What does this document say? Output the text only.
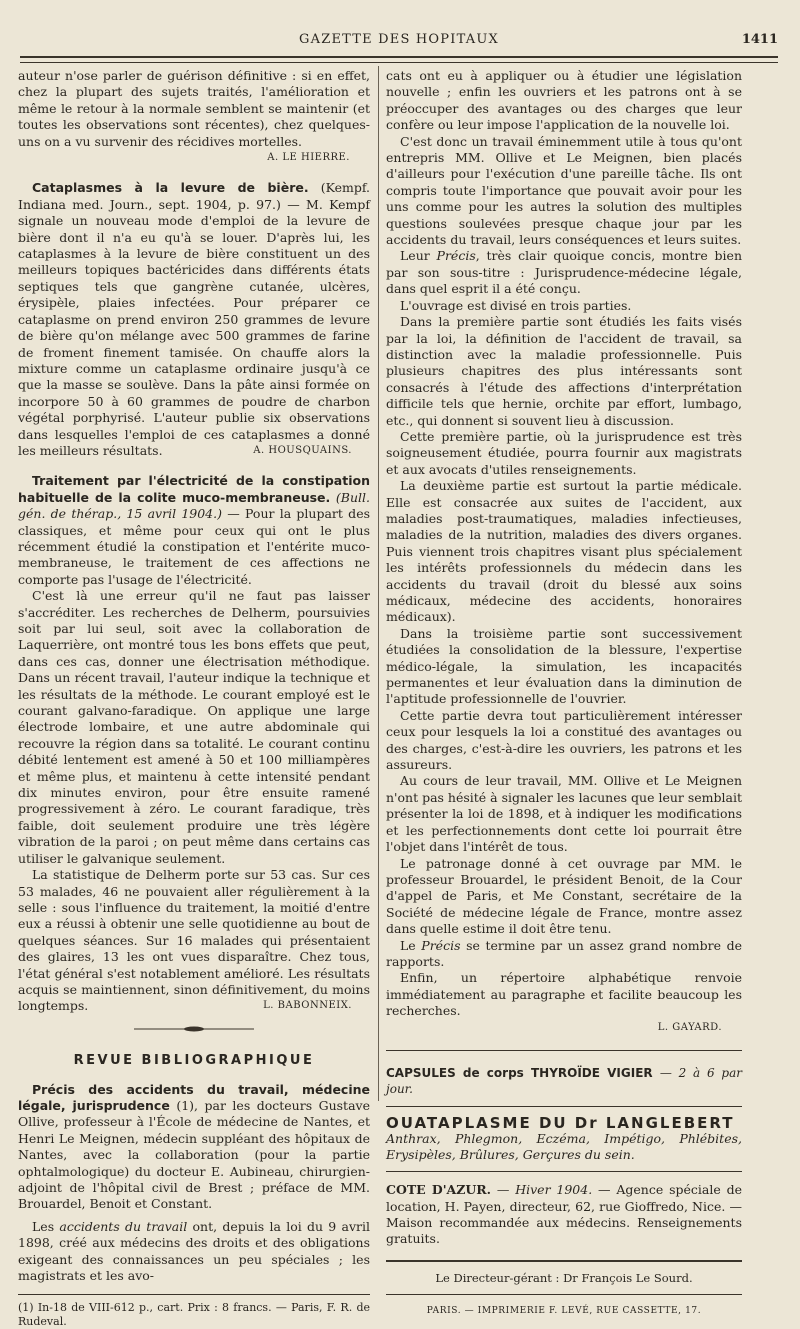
GAZETTE DES HOPITAUX	1411

auteur n'ose parler de guérison définitive : si en effet, chez la plupart des sujets traités, l'amélioration et même le retour à la normale semblent se maintenir (et toutes les observations sont récentes), chez quelques-uns on a vu survenir des récidives mortelles.

A. LE HIERRE.

Cataplasmes à la levure de bière. (Kempf. Indiana med. Journ., sept. 1904, p. 97.) — M. Kempf signale un nouveau mode d'emploi de la levure de bière dont il n'a eu qu'à se louer. D'après lui, les cataplasmes à la levure de bière constituent un des meilleurs topiques bactéricides dans différents états septiques tels que gangrène cutanée, ulcères, érysipèle, plaies infectées. Pour préparer ce cataplasme on prend environ 250 grammes de levure de bière qu'on mélange avec 500 grammes de farine de froment finement tamisée. On chauffe alors la mixture comme un cataplasme ordinaire jusqu'à ce que la masse se soulève. Dans la pâte ainsi formée on incorpore 50 à 60 grammes de poudre de charbon végétal porphyrisé. L'auteur publie six observations dans lesquelles l'emploi de ces cataplasmes a donné les meilleurs résultats.	A. HOUSQUAINS.

Traitement par l'électricité de la constipation habituelle de la colite muco-membraneuse. (Bull. gén. de thérap., 15 avril 1904.) — Pour la plupart des classiques, et même pour ceux qui ont le plus récemment étudié la constipation et l'entérite muco-membraneuse, le traitement de ces affections ne comporte pas l'usage de l'électricité.

C'est là une erreur qu'il ne faut pas laisser s'accréditer. Les recherches de Delherm, poursuivies soit par lui seul, soit avec la collaboration de Laquerrière, ont montré tous les bons effets que peut, dans ces cas, donner une électrisation méthodique. Dans un récent travail, l'auteur indique la technique et les résultats de la méthode. Le courant employé est le courant galvano-faradique. On applique une large électrode lombaire, et une autre abdominale qui recouvre la région dans sa totalité. Le courant continu débité lentement est amené à 50 et 100 milliampères et même plus, et maintenu à cette intensité pendant dix minutes environ, pour être ensuite ramené progressivement à zéro. Le courant faradique, très faible, doit seulement produire une très légère vibration de la paroi ; on peut même dans certains cas utiliser le galvanique seulement.

La statistique de Delherm porte sur 53 cas. Sur ces 53 malades, 46 ne pouvaient aller régulièrement à la selle : sous l'influence du traitement, la moitié d'entre eux a réussi à obtenir une selle quotidienne au bout de quelques séances. Sur 16 malades qui présentaient des glaires, 13 les ont vues disparaître. Chez tous, l'état général s'est notablement amélioré. Les résultats acquis se maintiennent, sinon définitivement, du moins longtemps.	L. BABONNEIX.

REVUE BIBLIOGRAPHIQUE

Précis des accidents du travail, médecine légale, jurisprudence (1), par les docteurs Gustave Ollive, professeur à l'École de médecine de Nantes, et Henri Le Meignen, médecin suppléant des hôpitaux de Nantes, avec la collaboration (pour la partie ophtalmologique) du docteur E. Aubineau, chirurgien-adjoint de l'hôpital civil de Brest ; préface de MM. Brouardel, Benoit et Constant.

Les accidents du travail ont, depuis la loi du 9 avril 1898, créé aux médecins des droits et des obligations exigeant des connaissances un peu spéciales ; les magistrats et les avo-

(1) In-18 de VIII-612 p., cart. Prix : 8 francs. — Paris, F. R. de Rudeval.

cats ont eu à appliquer ou à étudier une législation nouvelle ; enfin les ouvriers et les patrons ont à se préoccuper des avantages ou des charges que leur confère ou leur impose l'application de la nouvelle loi.

C'est donc un travail éminemment utile à tous qu'ont entrepris MM. Ollive et Le Meignen, bien placés d'ailleurs pour l'exécution d'une pareille tâche. Ils ont compris toute l'importance que pouvait avoir pour les uns comme pour les autres la solution des multiples questions soulevées presque chaque jour par les accidents du travail, leurs conséquences et leurs suites.

Leur Précis, très clair quoique concis, montre bien par son sous-titre : Jurisprudence-médecine légale, dans quel esprit il a été conçu.

L'ouvrage est divisé en trois parties.

Dans la première partie sont étudiés les faits visés par la loi, la définition de l'accident de travail, sa distinction avec la maladie professionnelle. Puis plusieurs chapitres des plus intéressants sont consacrés à l'étude des affections d'interprétation difficile tels que hernie, orchite par effort, lumbago, etc., qui donnent si souvent lieu à discussion.

Cette première partie, où la jurisprudence est très soigneusement étudiée, pourra fournir aux magistrats et aux avocats d'utiles renseignements.

La deuxième partie est surtout la partie médicale. Elle est consacrée aux suites de l'accident, aux maladies post-traumatiques, maladies infectieuses, maladies de la nutrition, maladies des divers organes. Puis viennent trois chapitres visant plus spécialement les intérêts professionnels du médecin dans les accidents du travail (droit du blessé aux soins médicaux, médecine des accidents, honoraires médicaux).

Dans la troisième partie sont successivement étudiées la consolidation de la blessure, l'expertise médico-légale, la simulation, les incapacités permanentes et leur évaluation dans la diminution de l'aptitude professionnelle de l'ouvrier.

Cette partie devra tout particulièrement intéresser ceux pour lesquels la loi a constitué des avantages ou des charges, c'est-à-dire les ouvriers, les patrons et les assureurs.

Au cours de leur travail, MM. Ollive et Le Meignen n'ont pas hésité à signaler les lacunes que leur semblait présenter la loi de 1898, et à indiquer les modifications et les perfectionnements dont cette loi pourrait être l'objet dans l'intérêt de tous.

Le patronage donné à cet ouvrage par MM. le professeur Brouardel, le président Benoit, de la Cour d'appel de Paris, et Me Constant, secrétaire de la Société de médecine légale de France, montre assez dans quelle estime il doit être tenu.

Le Précis se termine par un assez grand nombre de rapports.

Enfin, un répertoire alphabétique renvoie immédiatement au paragraphe et facilite beaucoup les recherches.

L. GAYARD.
CAPSULES de corps THYROÏDE VIGIER — 2 à 6 par jour.
OUATAPLASME DU Dr LANGLEBERT
Anthrax, Phlegmon, Eczéma, Impétigo, Phlébites, Erysipèles, Brûlures, Gerçures du sein.

COTE D'AZUR. — Hiver 1904. — Agence spéciale de location, H. Payen, directeur, 62, rue Gioffredo, Nice. — Maison recommandée aux médecins. Renseignements gratuits.

Le Directeur-gérant : Dr François Le Sourd.
PARIS. — IMPRIMERIE F. LEVÉ, RUE CASSETTE, 17.
